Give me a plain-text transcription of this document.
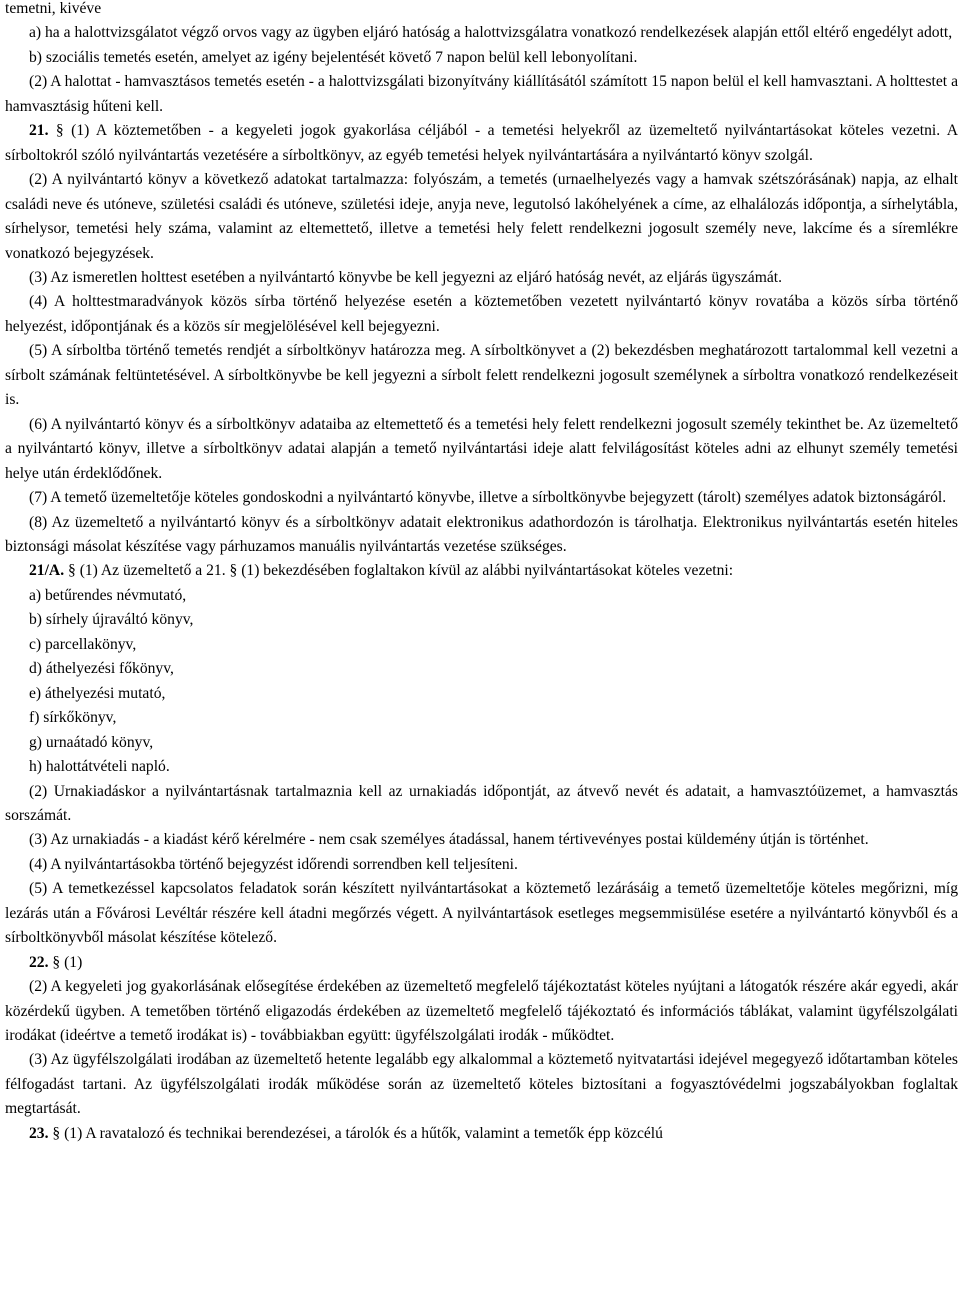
temetni, kivéve

a) ha a halottvizsgálatot végző orvos vagy az ügyben eljáró hatóság a halottvizsgálatra vonatkozó rendelkezések alapján ettől eltérő engedélyt adott,

b) szociális temetés esetén, amelyet az igény bejelentését követő 7 napon belül kell lebonyolítani.

(2) A halottat - hamvasztásos temetés esetén - a halottvizsgálati bizonyítvány kiállításától számított 15 napon belül el kell hamvasztani. A holttestet a hamvasztásig hűteni kell.

21. § (1) A köztemetőben - a kegyeleti jogok gyakorlása céljából - a temetési helyekről az üzemeltető nyilvántartásokat köteles vezetni. A sírboltokról szóló nyilvántartás vezetésére a sírboltkönyv, az egyéb temetési helyek nyilvántartására a nyilvántartó könyv szolgál.

(2) A nyilvántartó könyv a következő adatokat tartalmazza: folyószám, a temetés (urnaelhelyezés vagy a hamvak szétszórásának) napja, az elhalt családi neve és utóneve, születési családi és utóneve, születési ideje, anyja neve, legutolsó lakóhelyének a címe, az elhalálozás időpontja, a sírhelytábla, sírhelysor, temetési hely száma, valamint az eltemettető, illetve a temetési hely felett rendelkezni jogosult személy neve, lakcíme és a síremlékre vonatkozó bejegyzések.

(3) Az ismeretlen holttest esetében a nyilvántartó könyvbe be kell jegyezni az eljáró hatóság nevét, az eljárás ügyszámát.

(4) A holttestmaradványok közös sírba történő helyezése esetén a köztemetőben vezetett nyilvántartó könyv rovatába a közös sírba történő helyezést, időpontjának és a közös sír megjelölésével kell bejegyezni.

(5) A sírboltba történő temetés rendjét a sírboltkönyv határozza meg. A sírboltkönyvet a (2) bekezdésben meghatározott tartalommal kell vezetni a sírbolt számának feltüntetésével. A sírboltkönyvbe be kell jegyezni a sírbolt felett rendelkezni jogosult személynek a sírboltra vonatkozó rendelkezéseit is.

(6) A nyilvántartó könyv és a sírboltkönyv adataiba az eltemettető és a temetési hely felett rendelkezni jogosult személy tekinthet be. Az üzemeltető a nyilvántartó könyv, illetve a sírboltkönyv adatai alapján a temető nyilvántartási ideje alatt felvilágosítást köteles adni az elhunyt személy temetési helye után érdeklődőnek.

(7) A temető üzemeltetője köteles gondoskodni a nyilvántartó könyvbe, illetve a sírboltkönyvbe bejegyzett (tárolt) személyes adatok biztonságáról.

(8) Az üzemeltető a nyilvántartó könyv és a sírboltkönyv adatait elektronikus adathordozón is tárolhatja. Elektronikus nyilvántartás esetén hiteles biztonsági másolat készítése vagy párhuzamos manuális nyilvántartás vezetése szükséges.

21/A. § (1) Az üzemeltető a 21. § (1) bekezdésében foglaltakon kívül az alábbi nyilvántartásokat köteles vezetni:

a) betűrendes névmutató,

b) sírhely újraváltó könyv,

c) parcellakönyv,

d) áthelyezési főkönyv,

e) áthelyezési mutató,

f) sírkőkönyv,

g) urnaátadó könyv,

h) halottátvételi napló.

(2) Urnakiadáskor a nyilvántartásnak tartalmaznia kell az urnakiadás időpontját, az átvevő nevét és adatait, a hamvasztóüzemet, a hamvasztás sorszámát.

(3) Az urnakiadás - a kiadást kérő kérelmére - nem csak személyes átadással, hanem tértivevényes postai küldemény útján is történhet.

(4) A nyilvántartásokba történő bejegyzést időrendi sorrendben kell teljesíteni.

(5) A temetkezéssel kapcsolatos feladatok során készített nyilvántartásokat a köztemető lezárásáig a temető üzemeltetője köteles megőrizni, míg lezárás után a Fővárosi Levéltár részére kell átadni megőrzés végett. A nyilvántartások esetleges megsemmisülése esetére a nyilvántartó könyvből és a sírboltkönyvből másolat készítése kötelező.

22. § (1)

(2) A kegyeleti jog gyakorlásának elősegítése érdekében az üzemeltető megfelelő tájékoztatást köteles nyújtani a látogatók részére akár egyedi, akár közérdekű ügyben. A temetőben történő eligazodás érdekében az üzemeltető megfelelő tájékoztató és információs táblákat, valamint ügyfélszolgálati irodákat (ideértve a temető irodákat is) - továbbiakban együtt: ügyfélszolgálati irodák - működtet.

(3) Az ügyfélszolgálati irodában az üzemeltető hetente legalább egy alkalommal a köztemető nyitvatartási idejével megegyező időtartamban köteles félfogadást tartani. Az ügyfélszolgálati irodák működése során az üzemeltető köteles biztosítani a fogyasztóvédelmi jogszabályokban foglaltak megtartását.

23. § (1) A ravatalozó és technikai berendezései, a tárolók és a hűtők, valamint a temetők épp közcélú
